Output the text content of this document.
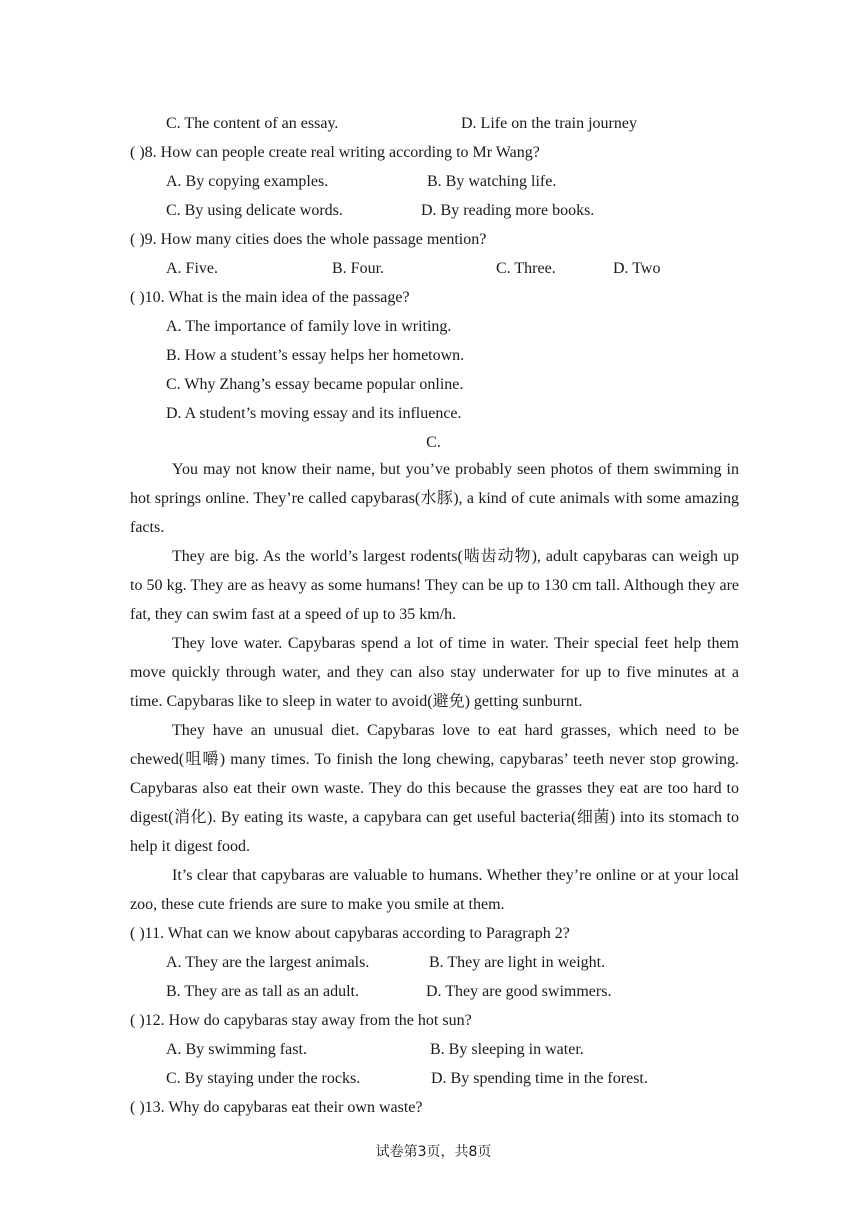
C. The content of an essay.	D. Life on the train journey
( )8. How can people create real writing according to Mr Wang?
A. By copying examples.	B. By watching life.
C. By using delicate words.	D. By reading more books.
( )9. How many cities does the whole passage mention?
A. Five.	B. Four.	C. Three.	D. Two
( )10. What is the main idea of the passage?
A. The importance of family love in writing.
B. How a student’s essay helps her hometown.
C. Why Zhang’s essay became popular online.
D. A student’s moving essay and its influence.
C.

You may not know their name, but you’ve probably seen photos of them swimming in hot springs online. They’re called capybaras(水豚), a kind of cute animals with some amazing facts.

They are big. As the world’s largest rodents(啮齿动物), adult capybaras can weigh up to 50 kg. They are as heavy as some humans! They can be up to 130 cm tall. Although they are fat, they can swim fast at a speed of up to 35 km/h.

They love water. Capybaras spend a lot of time in water. Their special feet help them move quickly through water, and they can also stay underwater for up to five minutes at a time. Capybaras like to sleep in water to avoid(避免) getting sunburnt.

They have an unusual diet. Capybaras love to eat hard grasses, which need to be chewed(咀嚼) many times. To finish the long chewing, capybaras’ teeth never stop growing. Capybaras also eat their own waste. They do this because the grasses they eat are too hard to digest(消化). By eating its waste, a capybara can get useful bacteria(细菌) into its stomach to help it digest food.

It’s clear that capybaras are valuable to humans. Whether they’re online or at your local zoo, these cute friends are sure to make you smile at them.

( )11. What can we know about capybaras according to Paragraph 2?
A. They are the largest animals.	B. They are light in weight.
B. They are as tall as an adult.	D. They are good swimmers.
( )12. How do capybaras stay away from the hot sun?
A. By swimming fast.	B. By sleeping in water.
C. By staying under the rocks.	D. By spending time in the forest.
( )13. Why do capybaras eat their own waste?
试卷第3页，共8页
